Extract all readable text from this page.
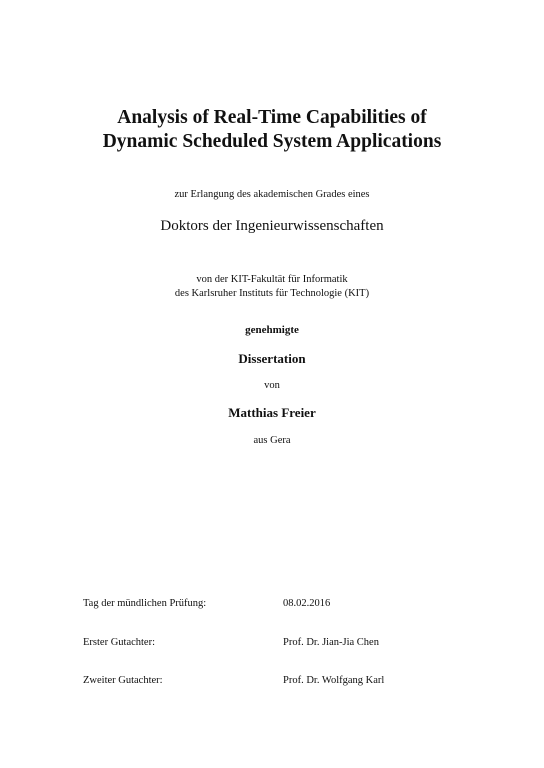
Analysis of Real-Time Capabilities of
Dynamic Scheduled System Applications
zur Erlangung des akademischen Grades eines
Doktors der Ingenieurwissenschaften
von der KIT-Fakultät für Informatik
des Karlsruher Instituts für Technologie (KIT)
genehmigte
Dissertation
von
Matthias Freier
aus Gera
Tag der mündlichen Prüfung:	08.02.2016
Erster Gutachter:	Prof. Dr. Jian-Jia Chen
Zweiter Gutachter:	Prof. Dr. Wolfgang Karl
